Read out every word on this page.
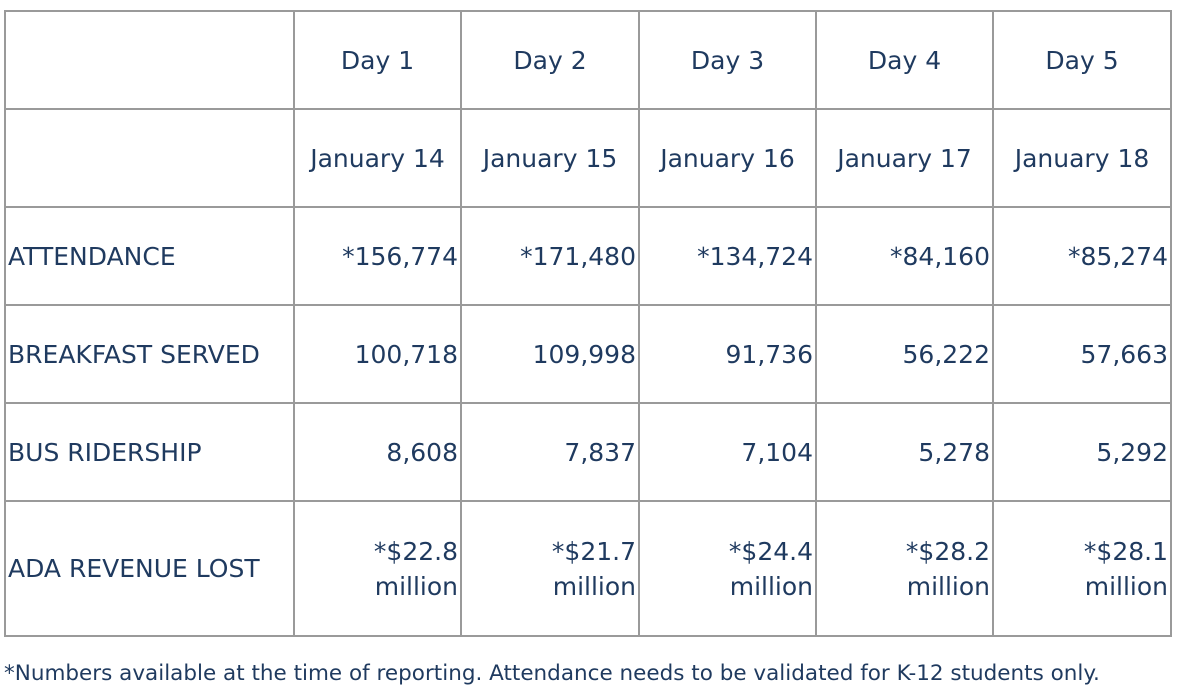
	Day 1	Day 2	Day 3	Day 4	Day 5
	January 14	January 15	January 16	January 17	January 18
ATTENDANCE	*156,774	*171,480	*134,724	*84,160	*85,274
BREAKFAST SERVED	100,718	109,998	91,736	56,222	57,663
BUS RIDERSHIP	8,608	7,837	7,104	5,278	5,292
ADA REVENUE LOST	*$22.8 million	*$21.7 million	*$24.4 million	*$28.2 million	*$28.1 million
*Numbers available at the time of reporting. Attendance needs to be validated for K-12 students only.
